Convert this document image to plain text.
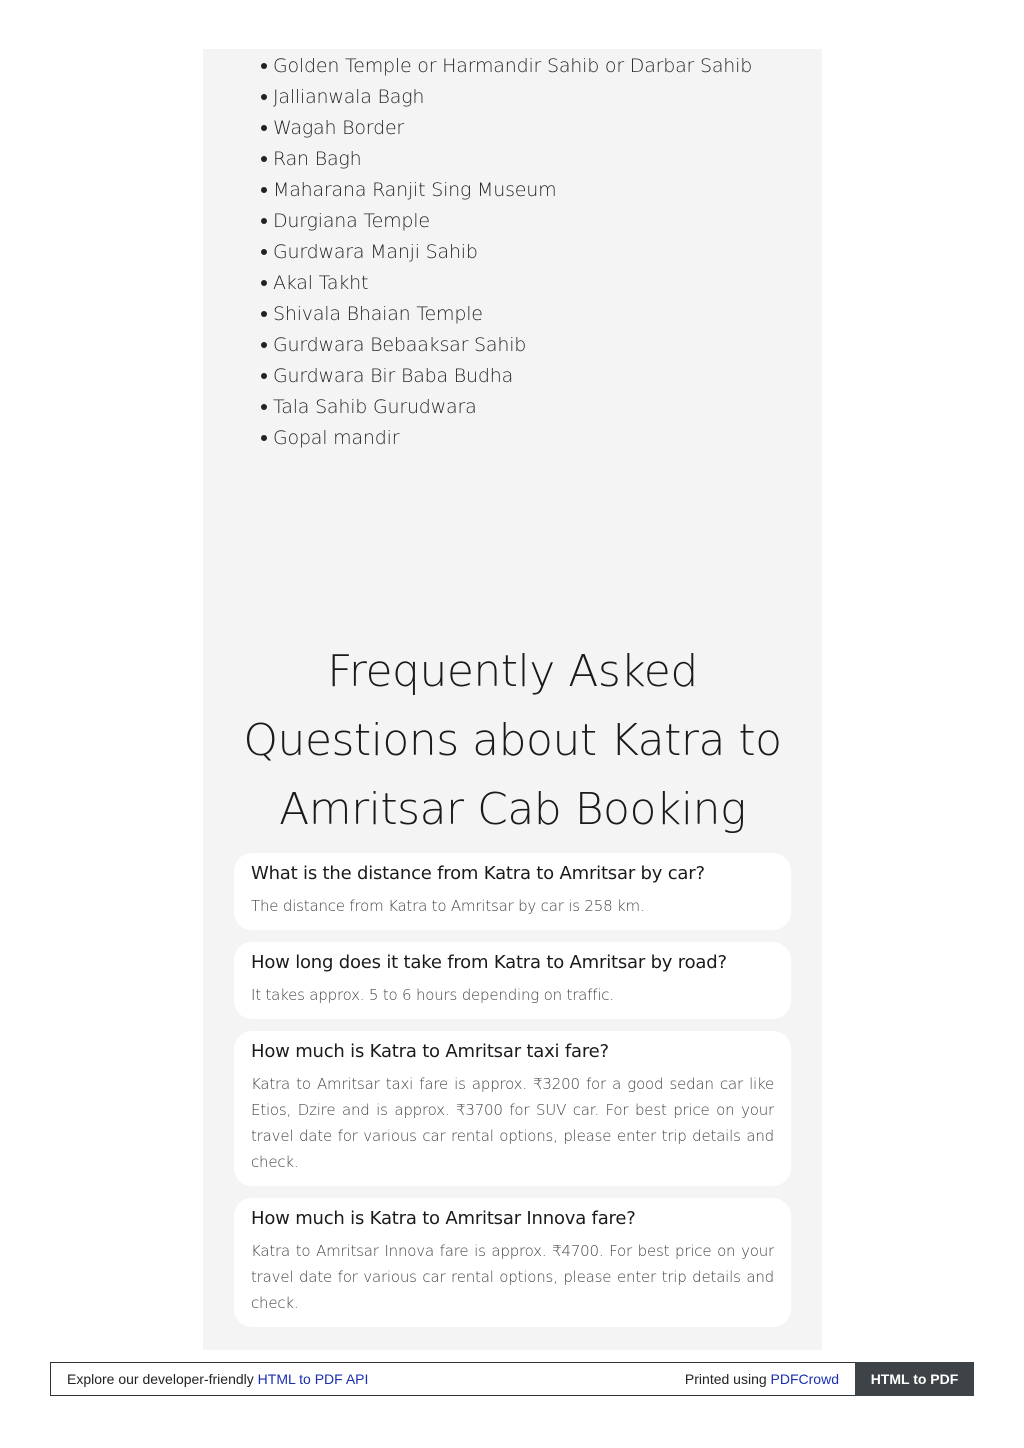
Golden Temple or Harmandir Sahib or Darbar Sahib
Jallianwala Bagh
Wagah Border
Ran Bagh
Maharana Ranjit Sing Museum
Durgiana Temple
Gurdwara Manji Sahib
Akal Takht
Shivala Bhaian Temple
Gurdwara Bebaaksar Sahib
Gurdwara Bir Baba Budha
Tala Sahib Gurudwara
Gopal mandir
Frequently Asked
Questions about Katra to
Amritsar Cab Booking

What is the distance from Katra to Amritsar by car?

The distance from Katra to Amritsar by car is 258 km.

How long does it take from Katra to Amritsar by road?

It takes approx. 5 to 6 hours depending on traffic.

How much is Katra to Amritsar taxi fare?

Katra to Amritsar taxi fare is approx. ₹3200 for a good sedan car like Etios, Dzire and is approx. ₹3700 for SUV car. For best price on your travel date for various car rental options, please enter trip details and check.

How much is Katra to Amritsar Innova fare?

Katra to Amritsar Innova fare is approx. ₹4700. For best price on your travel date for various car rental options, please enter trip details and check.

Explore our developer-friendly HTML to PDF API	Printed using PDFCrowd	HTML to PDF
